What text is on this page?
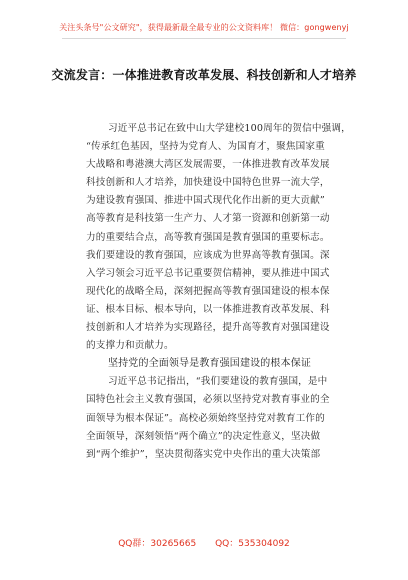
关注头条号"公文研究"，获得最新最全最专业的公文资料库！ 微信：gongwenyj
交流发言：一体推进教育改革发展、科技创新和人才培养
习近平总书记在致中山大学建校100周年的贺信中强调，
“传承红色基因，坚持为党育人、为国育才，聚焦国家重
大战略和粤港澳大湾区发展需要，一体推进教育改革发展
科技创新和人才培养，加快建设中国特色世界一流大学，
为建设教育强国、推进中国式现代化作出新的更大贡献”
高等教育是科技第一生产力、人才第一资源和创新第一动
力的重要结合点，高等教育强国是教育强国的重要标志。
我们要建设的教育强国，应该成为世界高等教育强国。深
入学习领会习近平总书记重要贺信精神，要从推进中国式
现代化的战略全局，深刻把握高等教育强国建设的根本保
证、根本目标、根本导向，以一体推进教育改革发展、科
技创新和人才培养为实现路径，提升高等教育对强国建设
的支撑力和贡献力。
坚持党的全面领导是教育强国建设的根本保证
习近平总书记指出，“我们要建设的教育强国，是中
国特色社会主义教育强国，必须以坚持党对教育事业的全
面领导为根本保证”。高校必须始终坚持党对教育工作的
全面领导，深刻领悟“两个确立”的决定性意义，坚决做
到“两个维护”，坚决贯彻落实党中央作出的重大决策部
QQ群：30265665 QQ：535304092
